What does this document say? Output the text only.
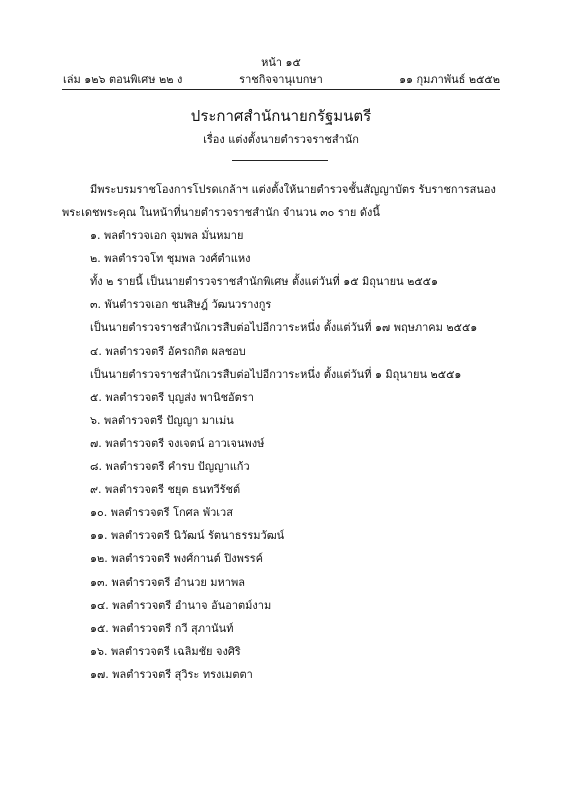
หน้า ๑๕
เล่ม ๑๒๖ ตอนพิเศษ ๒๒ ง	ราชกิจจานุเบกษา	๑๑ กุมภาพันธ์ ๒๕๕๒
ประกาศสำนักนายกรัฐมนตรี
เรื่อง แต่งตั้งนายตำรวจราชสำนัก
มีพระบรมราชโองการโปรดเกล้าฯ แต่งตั้งให้นายตำรวจชั้นสัญญาบัตร รับราชการสนอง
พระเดชพระคุณ ในหน้าที่นายตำรวจราชสำนัก จำนวน ๓๐ ราย ดังนี้
๑. พลตำรวจเอก จุมพล มั่นหมาย
๒. พลตำรวจโท ชุมพล วงศ์ตำแหง
ทั้ง ๒ รายนี้ เป็นนายตำรวจราชสำนักพิเศษ ตั้งแต่วันที่ ๑๕ มิถุนายน ๒๕๕๑
๓. พันตำรวจเอก ชนสิษฎ์ วัฒนวรางกูร
เป็นนายตำรวจราชสำนักเวรสืบต่อไปอีกวาระหนึ่ง ตั้งแต่วันที่ ๑๗ พฤษภาคม ๒๕๕๑
๔. พลตำรวจตรี อัครถกิต ผลชอบ
เป็นนายตำรวจราชสำนักเวรสืบต่อไปอีกวาระหนึ่ง ตั้งแต่วันที่ ๑ มิถุนายน ๒๕๕๑
๕. พลตำรวจตรี บุญส่ง พานิชอัตรา
๖. พลตำรวจตรี ปัญญา มาเม่น
๗. พลตำรวจตรี จงเจตน์ อาวเจนพงษ์
๘. พลตำรวจตรี คำรบ ปัญญาแก้ว
๙. พลตำรวจตรี ชยุต ธนทวีรัชต์
๑๐. พลตำรวจตรี โกศล พัวเวส
๑๑. พลตำรวจตรี นิวัฒน์ รัตนาธรรมวัฒน์
๑๒. พลตำรวจตรี พงศ์กานต์ ปิงพรรค์
๑๓. พลตำรวจตรี อำนวย มหาพล
๑๔. พลตำรวจตรี อำนาจ อันอาตม์งาม
๑๕. พลตำรวจตรี กวี สุภานันท์
๑๖. พลตำรวจตรี เฉลิมชัย จงศิริ
๑๗. พลตำรวจตรี สุวิระ ทรงเมตตา
